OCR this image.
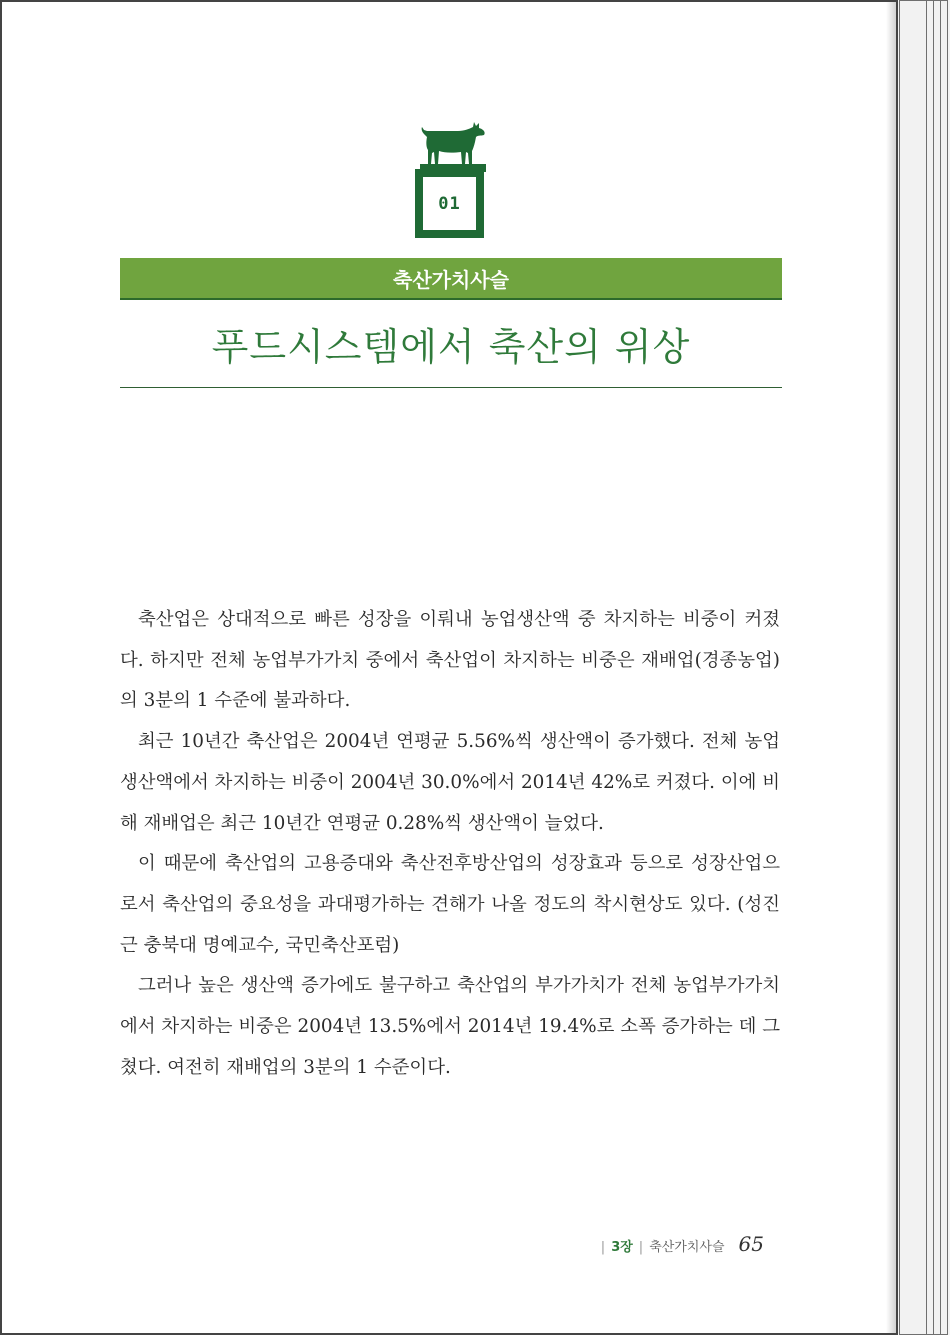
01
축산가치사슬
푸드시스템에서 축산의 위상

축산업은 상대적으로 빠른 성장을 이뤄내 농업생산액 중 차지하는 비중이 커졌다. 하지만 전체 농업부가가치 중에서 축산업이 차지하는 비중은 재배업(경종농업)의 3분의 1 수준에 불과하다.

최근 10년간 축산업은 2004년 연평균 5.56%씩 생산액이 증가했다. 전체 농업생산액에서 차지하는 비중이 2004년 30.0%에서 2014년 42%로 커졌다. 이에 비해 재배업은 최근 10년간 연평균 0.28%씩 생산액이 늘었다.

이 때문에 축산업의 고용증대와 축산전후방산업의 성장효과 등으로 성장산업으로서 축산업의 중요성을 과대평가하는 견해가 나올 정도의 착시현상도 있다. (성진근 충북대 명예교수, 국민축산포럼)

그러나 높은 생산액 증가에도 불구하고 축산업의 부가가치가 전체 농업부가가치에서 차지하는 비중은 2004년 13.5%에서 2014년 19.4%로 소폭 증가하는 데 그쳤다. 여전히 재배업의 3분의 1 수준이다.

| 3장 | 축산가치사슬 65
